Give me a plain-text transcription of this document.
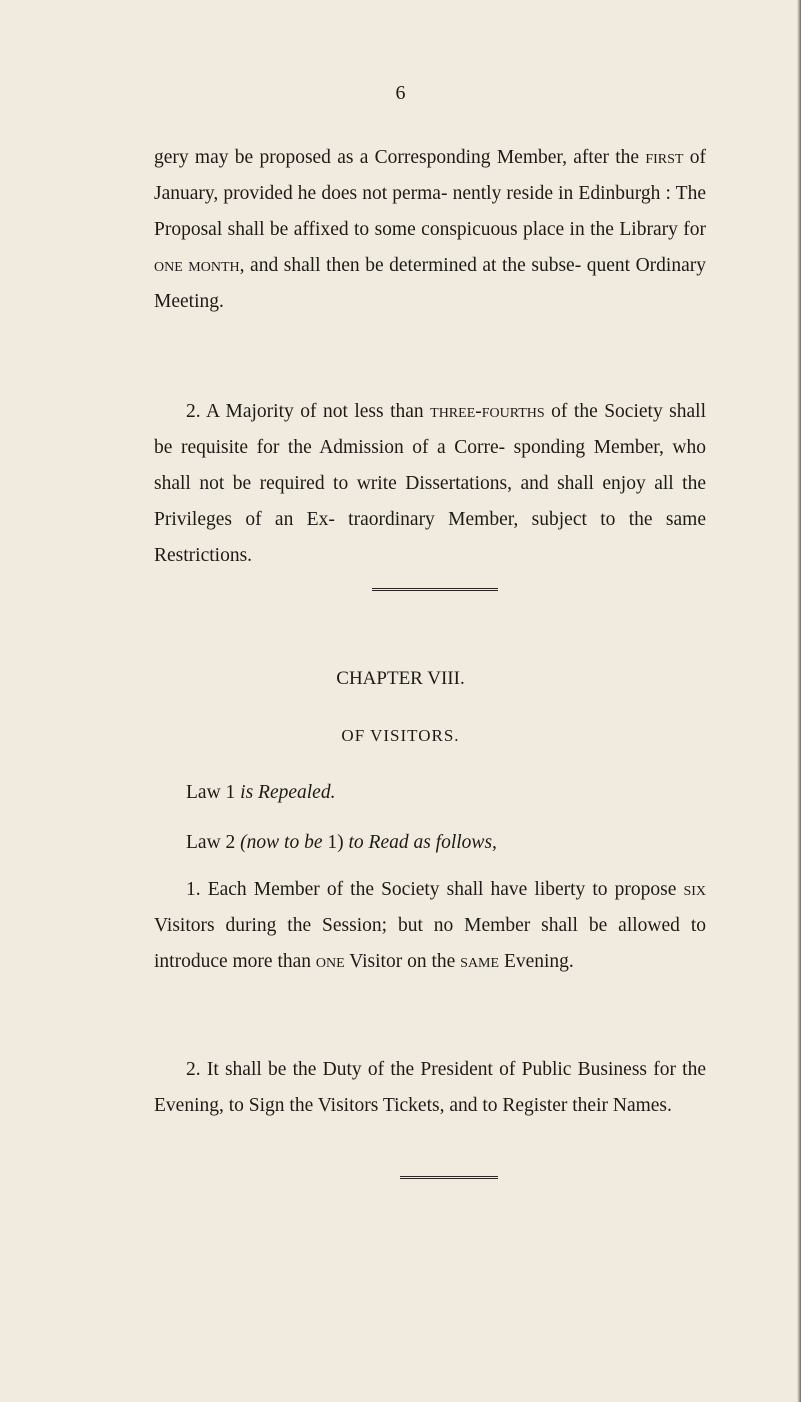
6

gery may be proposed as a Corresponding Member, after the first of January, provided he does not perma- nently reside in Edinburgh : The Proposal shall be affixed to some conspicuous place in the Library for one month, and shall then be determined at the subse- quent Ordinary Meeting.

2. A Majority of not less than three-fourths of the Society shall be requisite for the Admission of a Corre- sponding Member, who shall not be required to write Dissertations, and shall enjoy all the Privileges of an Ex- traordinary Member, subject to the same Restrictions.

CHAPTER VIII.

OF VISITORS.

Law 1 is Repealed.

Law 2 (now to be 1) to Read as follows,

1. Each Member of the Society shall have liberty to propose six Visitors during the Session; but no Member shall be allowed to introduce more than one Visitor on the same Evening.

2. It shall be the Duty of the President of Public Business for the Evening, to Sign the Visitors Tickets, and to Register their Names.
